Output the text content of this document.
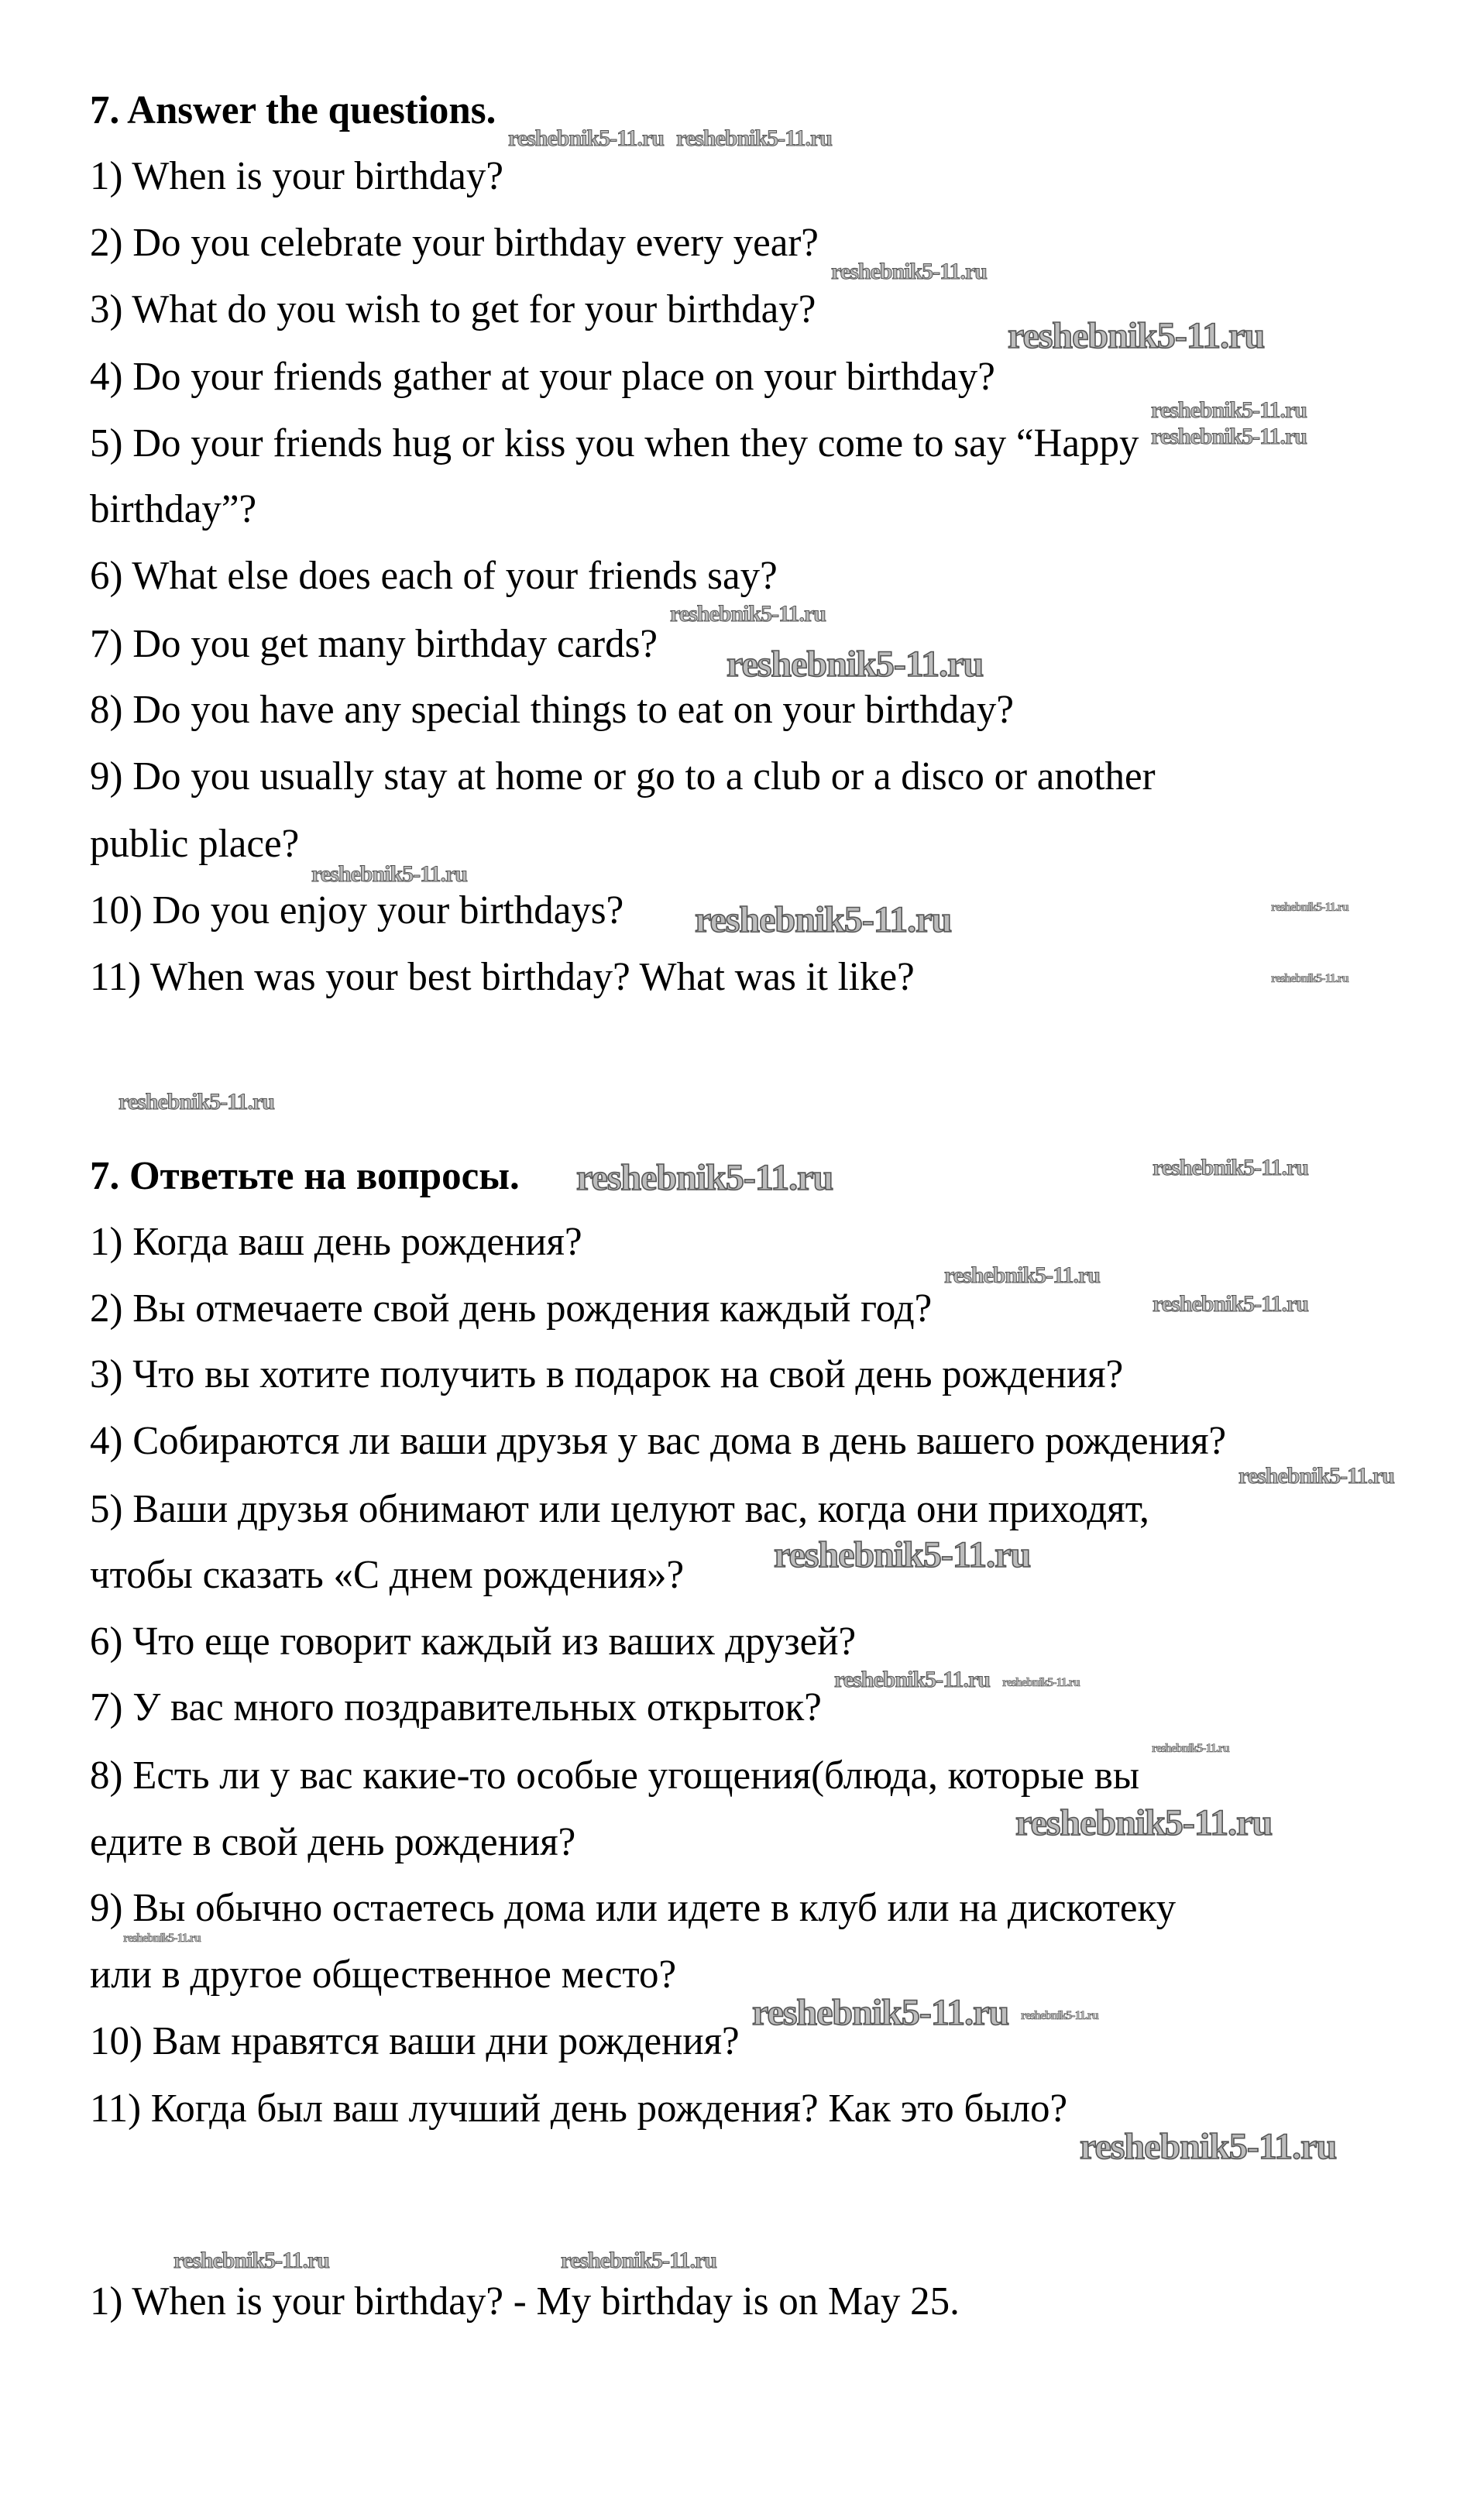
7. Answer the questions.
1) When is your birthday?
2) Do you celebrate your birthday every year?
3) What do you wish to get for your birthday?
4) Do your friends gather at your place on your birthday?
5) Do your friends hug or kiss you when they come to say “Happy
birthday”?
6) What else does each of your friends say?
7) Do you get many birthday cards?
8) Do you have any special things to eat on your birthday?
9) Do you usually stay at home or go to a club or a disco or another
public place?
10) Do you enjoy your birthdays?
11) When was your best birthday? What was it like?
7. Ответьте на вопросы.
1) Когда ваш день рождения?
2) Вы отмечаете свой день рождения каждый год?
3) Что вы хотите получить в подарок на свой день рождения?
4) Собираются ли ваши друзья у вас дома в день вашего рождения?
5) Ваши друзья обнимают или целуют вас, когда они приходят,
чтобы сказать «С днем рождения»?
6) Что еще говорит каждый из ваших друзей?
7) У вас много поздравительных открыток?
8) Есть ли у вас какие-то особые угощения(блюда, которые вы
едите в свой день рождения?
9) Вы обычно остаетесь дома или идете в клуб или на дискотеку
или в другое общественное место?
10) Вам нравятся ваши дни рождения?
11) Когда был ваш лучший день рождения? Как это было?
1) When is your birthday? - My birthday is on May 25.
reshebnik5-11.ru reshebnik5-11.ru
reshebnik5-11.ru
reshebnik5-11.ru
reshebnik5-11.ru
reshebnik5-11.ru
reshebnik5-11.ru
reshebnik5-11.ru
reshebnik5-11.ru
reshebnik5-11.ru	reshebnik5-11.ru
reshebnik5-11.ru
reshebnik5-11.ru
reshebnik5-11.ru	reshebnik5-11.ru
reshebnik5-11.ru
reshebnik5-11.ru
reshebnik5-11.ru
reshebnik5-11.ru
reshebnik5-11.ru reshebnik5-11.ru
reshebnik5-11.ru
reshebnik5-11.ru
reshebnik5-11.ru
reshebnik5-11.ru reshebnik5-11.ru
reshebnik5-11.ru
reshebnik5-11.ru	reshebnik5-11.ru
